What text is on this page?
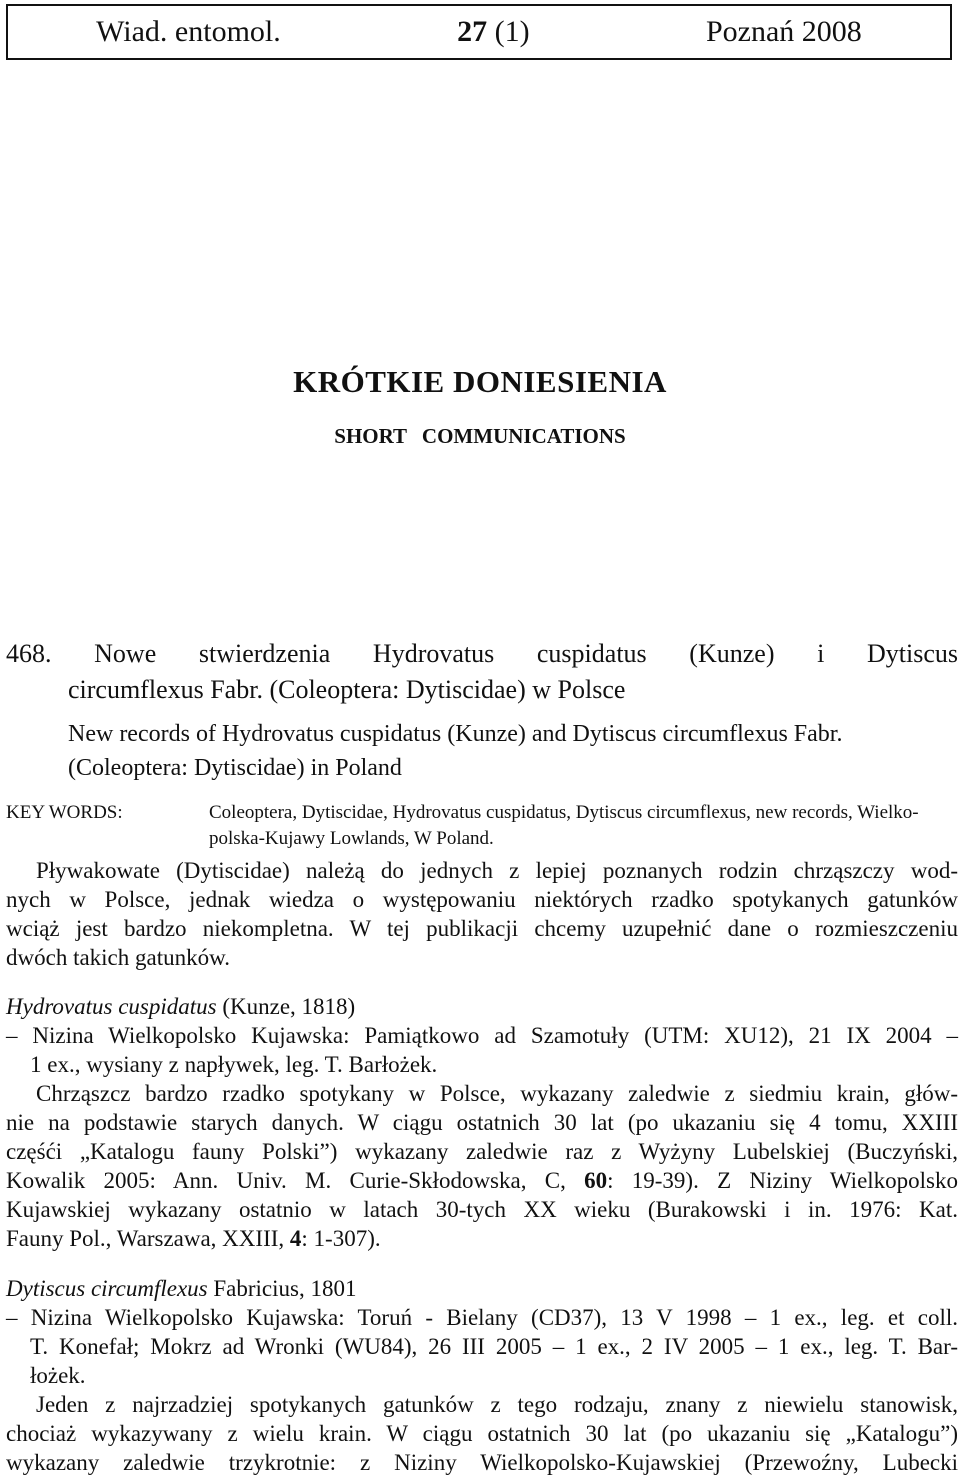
Wiad. entomol.	27 (1)	Poznań 2008
KRÓTKIE DONIESIENIA
SHORT COMMUNICATIONS
468. Nowe stwierdzenia Hydrovatus cuspidatus (Kunze) i Dytiscus
circumflexus Fabr. (Coleoptera: Dytiscidae) w Polsce
New records of Hydrovatus cuspidatus (Kunze) and Dytiscus circumflexus Fabr.
(Coleoptera: Dytiscidae) in Poland
KEY WORDS:	Coleoptera, Dytiscidae, Hydrovatus cuspidatus, Dytiscus circumflexus, new records, Wielko-
polska-Kujawy Lowlands, W Poland.
Pływakowate (Dytiscidae) należą do jednych z lepiej poznanych rodzin chrząszczy wod-
nych w Polsce, jednak wiedza o występowaniu niektórych rzadko spotykanych gatunków
wciąż jest bardzo niekompletna. W tej publikacji chcemy uzupełnić dane o rozmieszczeniu
dwóch takich gatunków.
Hydrovatus cuspidatus (Kunze, 1818)
– Nizina Wielkopolsko Kujawska: Pamiątkowo ad Szamotuły (UTM: XU12), 21 IX 2004 –
1 ex., wysiany z napływek, leg. T. Barłożek.
Chrząszcz bardzo rzadko spotykany w Polsce, wykazany zaledwie z siedmiu krain, głów-
nie na podstawie starych danych. W ciągu ostatnich 30 lat (po ukazaniu się 4 tomu, XXIII
częśći „Katalogu fauny Polski”) wykazany zaledwie raz z Wyżyny Lubelskiej (Buczyński,
Kowalik 2005: Ann. Univ. M. Curie-Skłodowska, C, 60: 19-39). Z Niziny Wielkopolsko
Kujawskiej wykazany ostatnio w latach 30-tych XX wieku (Burakowski i in. 1976: Kat.
Fauny Pol., Warszawa, XXIII, 4: 1-307).
Dytiscus circumflexus Fabricius, 1801
– Nizina Wielkopolsko Kujawska: Toruń - Bielany (CD37), 13 V 1998 – 1 ex., leg. et coll.
T. Konefał; Mokrz ad Wronki (WU84), 26 III 2005 – 1 ex., 2 IV 2005 – 1 ex., leg. T. Bar-
łożek.
Jeden z najrzadziej spotykanych gatunków z tego rodzaju, znany z niewielu stanowisk,
chociaż wykazywany z wielu krain. W ciągu ostatnich 30 lat (po ukazaniu się „Katalogu”)
wykazany zaledwie trzykrotnie: z Niziny Wielkopolsko-Kujawskiej (Przewoźny, Lubecki
